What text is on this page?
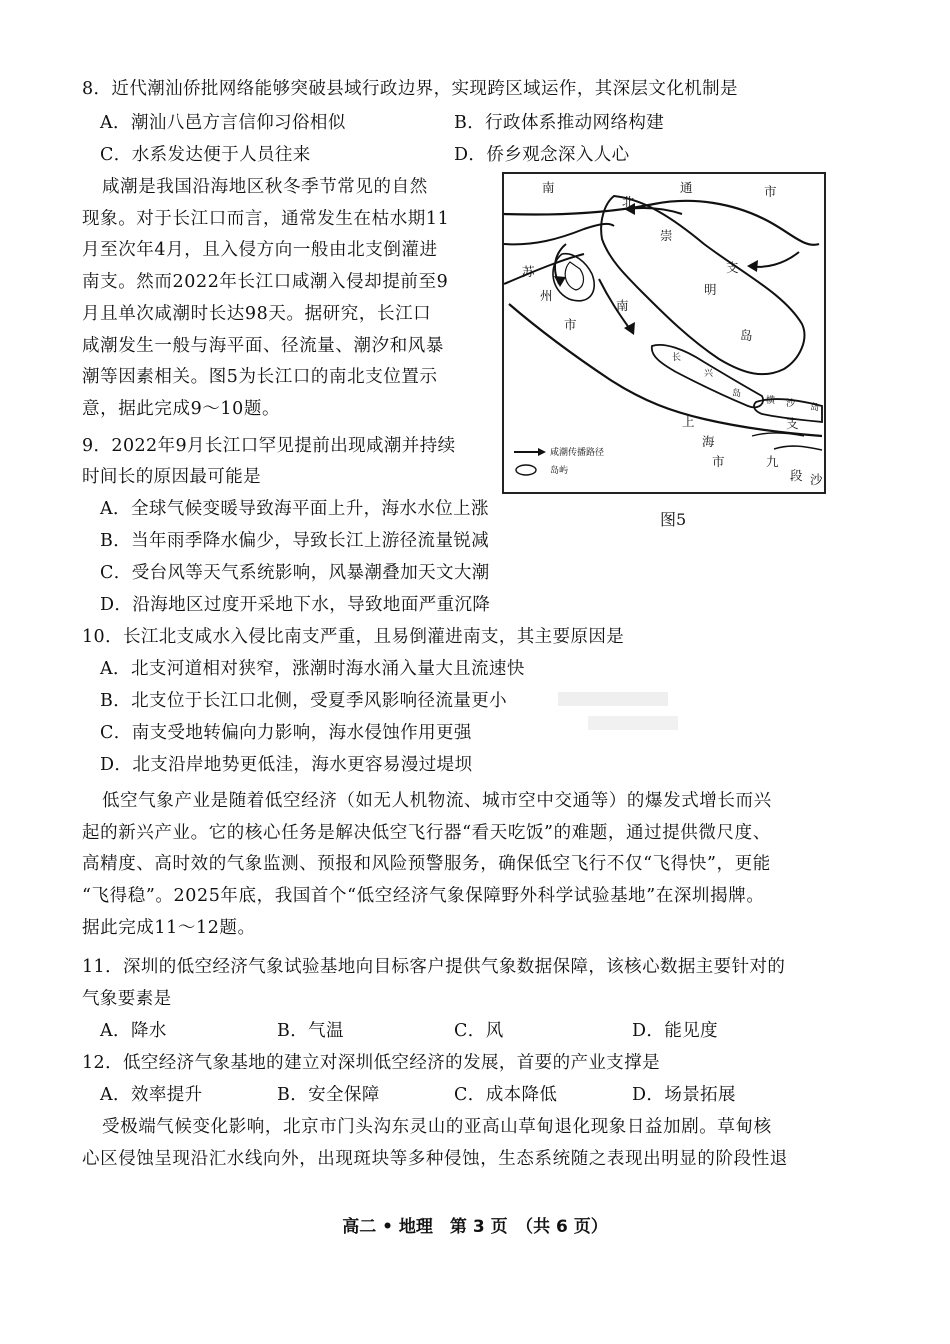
8．近代潮汕侨批网络能够突破县域行政边界，实现跨区域运作，其深层文化机制是
A．潮汕八邑方言信仰习俗相似	B．行政体系推动网络构建
C．水系发达便于人员往来	D．侨乡观念深入人心
咸潮是我国沿海地区秋冬季节常见的自然
现象。对于长江口而言，通常发生在枯水期11
月至次年4月，且入侵方向一般由北支倒灌进
南支。然而2022年长江口咸潮入侵却提前至9
月且单次咸潮时长达98天。据研究，长江口
咸潮发生一般与海平面、径流量、潮汐和风暴
潮等因素相关。图5为长江口的南北支位置示
意，据此完成9～10题。
南	通	市
北
崇
支
明
岛
苏
州
市
南
长
兴
岛
横 沙 岛
上
海
市
支
九
段 沙
咸潮传播路径
岛屿
图5
9．2022年9月长江口罕见提前出现咸潮并持续
时间长的原因最可能是
A．全球气候变暖导致海平面上升，海水水位上涨
B．当年雨季降水偏少，导致长江上游径流量锐减
C．受台风等天气系统影响，风暴潮叠加天文大潮
D．沿海地区过度开采地下水，导致地面严重沉降
10．长江北支咸水入侵比南支严重，且易倒灌进南支，其主要原因是
A．北支河道相对狭窄，涨潮时海水涌入量大且流速快
B．北支位于长江口北侧，受夏季风影响径流量更小
C．南支受地转偏向力影响，海水侵蚀作用更强
D．北支沿岸地势更低洼，海水更容易漫过堤坝
低空气象产业是随着低空经济（如无人机物流、城市空中交通等）的爆发式增长而兴
起的新兴产业。它的核心任务是解决低空飞行器“看天吃饭”的难题，通过提供微尺度、
高精度、高时效的气象监测、预报和风险预警服务，确保低空飞行不仅“飞得快”，更能
“飞得稳”。2025年底，我国首个“低空经济气象保障野外科学试验基地”在深圳揭牌。
据此完成11～12题。
11．深圳的低空经济气象试验基地向目标客户提供气象数据保障，该核心数据主要针对的
气象要素是
A．降水	B．气温	C．风	D．能见度
12．低空经济气象基地的建立对深圳低空经济的发展，首要的产业支撑是
A．效率提升	B．安全保障	C．成本降低	D．场景拓展
受极端气候变化影响，北京市门头沟东灵山的亚高山草甸退化现象日益加剧。草甸核
心区侵蚀呈现沿汇水线向外，出现斑块等多种侵蚀，生态系统随之表现出明显的阶段性退
高二 • 地理　第 3 页　（共 6 页）
